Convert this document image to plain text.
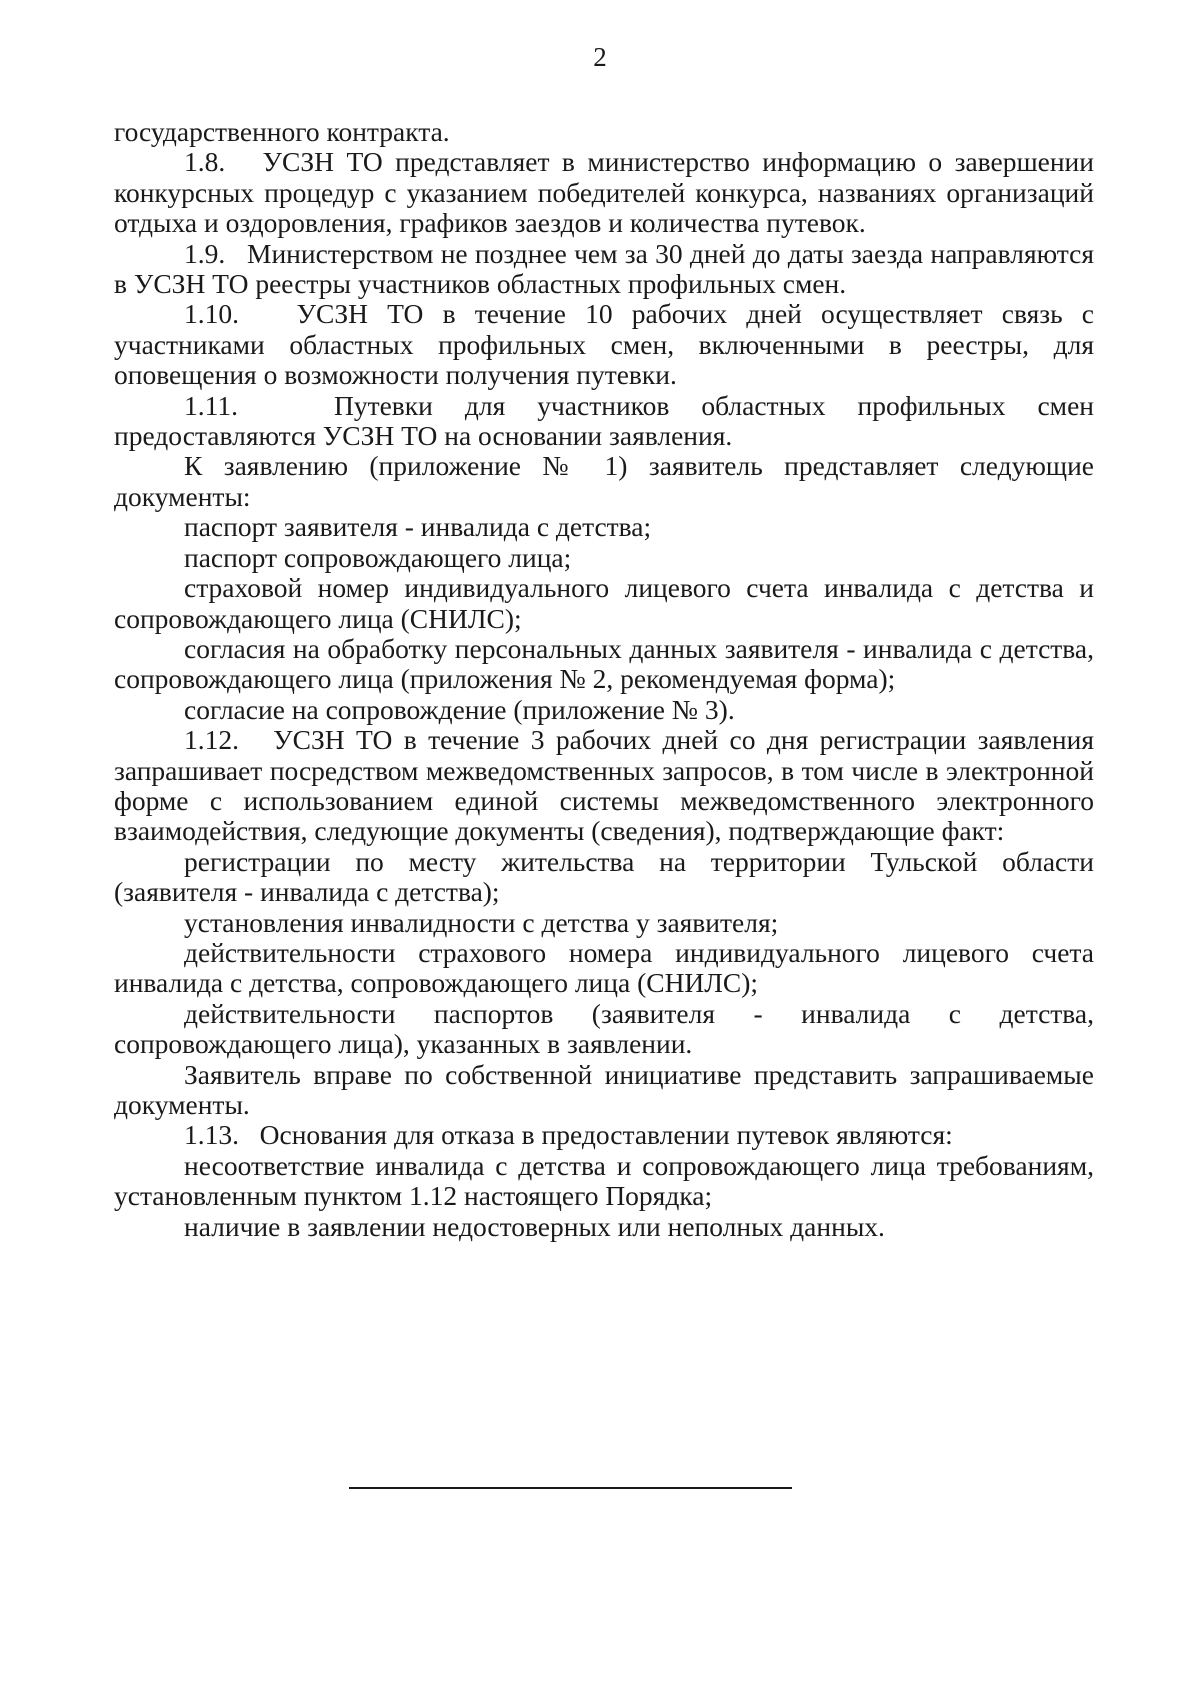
2

государственного контракта.

1.8.   УСЗН ТО представляет в министерство информацию о завершении конкурсных процедур с указанием победителей конкурса, названиях организаций отдыха и оздоровления, графиков заездов и количества путевок.

1.9.   Министерством не позднее чем за 30 дней до даты заезда направляются в УСЗН ТО реестры участников областных профильных смен.

1.10.   УСЗН ТО в течение 10 рабочих дней осуществляет связь с участниками областных профильных смен, включенными в реестры, для оповещения о возможности получения путевки.

1.11.   Путевки для участников областных профильных смен предоставляются УСЗН ТО на основании заявления.

К заявлению (приложение № 1) заявитель представляет следующие документы:

паспорт заявителя - инвалида с детства;

паспорт сопровождающего лица;

страховой номер индивидуального лицевого счета инвалида с детства и сопровождающего лица (СНИЛС);

согласия на обработку персональных данных заявителя - инвалида с детства, сопровождающего лица (приложения № 2, рекомендуемая форма);

согласие на сопровождение (приложение № 3).

1.12.   УСЗН ТО в течение 3 рабочих дней со дня регистрации заявления запрашивает посредством межведомственных запросов, в том числе в электронной форме с использованием единой системы межведомственного электронного взаимодействия, следующие документы (сведения), подтверждающие факт:

регистрации по месту жительства на территории Тульской области (заявителя - инвалида с детства);

установления инвалидности с детства у заявителя;

действительности страхового номера индивидуального лицевого счета инвалида с детства, сопровождающего лица (СНИЛС);

действительности паспортов (заявителя - инвалида с детства, сопровождающего лица), указанных в заявлении.

Заявитель вправе по собственной инициативе представить запрашиваемые документы.

1.13.   Основания для отказа в предоставлении путевок являются:

несоответствие инвалида с детства и сопровождающего лица требованиям, установленным пунктом 1.12 настоящего Порядка;

наличие в заявлении недостоверных или неполных данных.
